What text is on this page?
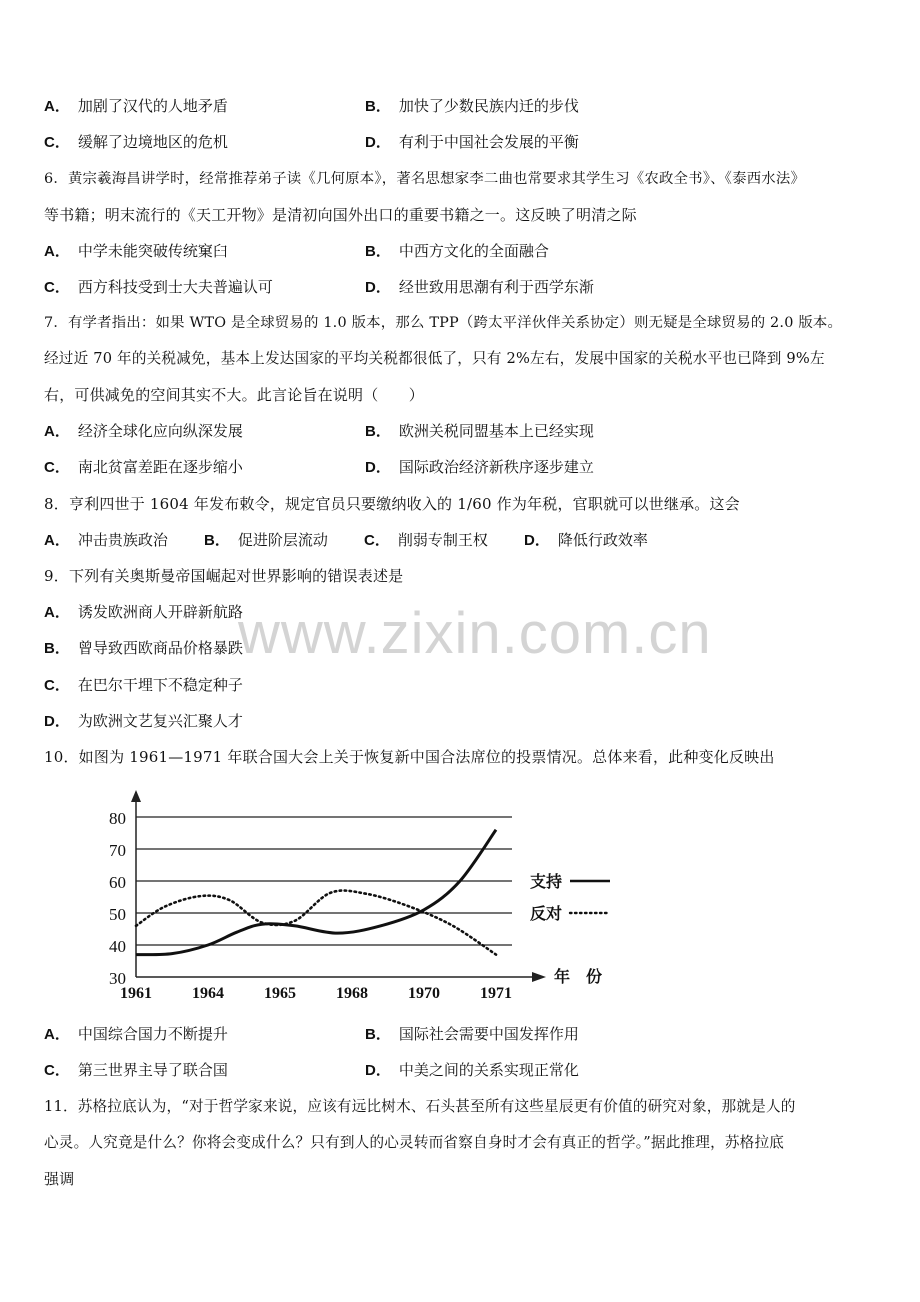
A． 加剧了汉代的人地矛盾	B． 加快了少数民族内迁的步伐
C． 缓解了边境地区的危机	D． 有利于中国社会发展的平衡
6．黄宗羲海昌讲学时，经常推荐弟子读《几何原本》，著名思想家李二曲也常要求其学生习《农政全书》、《泰西水法》
等书籍；明末流行的《天工开物》是清初向国外出口的重要书籍之一。这反映了明清之际
A． 中学未能突破传统窠臼	B． 中西方文化的全面融合
C． 西方科技受到士大夫普遍认可	D． 经世致用思潮有利于西学东渐
7．有学者指出：如果 WTO 是全球贸易的 1.0 版本，那么 TPP（跨太平洋伙伴关系协定）则无疑是全球贸易的 2.0 版本。
经过近 70 年的关税减免，基本上发达国家的平均关税都很低了，只有 2%左右，发展中国家的关税水平也已降到 9%左
右，可供减免的空间其实不大。此言论旨在说明（　　）
A． 经济全球化应向纵深发展	B． 欧洲关税同盟基本上已经实现
C． 南北贫富差距在逐步缩小	D． 国际政治经济新秩序逐步建立
8．亨利四世于 1604 年发布敕令，规定官员只要缴纳收入的 1/60 作为年税，官职就可以世继承。这会
A． 冲击贵族政治 B． 促进阶层流动 C． 削弱专制王权 D． 降低行政效率
9．下列有关奥斯曼帝国崛起对世界影响的错误表述是
A． 诱发欧洲商人开辟新航路
B． 曾导致西欧商品价格暴跌
C． 在巴尔干埋下不稳定种子
D． 为欧洲文艺复兴汇聚人才
www.zixin.com.cn
10．如图为 1961—1971 年联合国大会上关于恢复新中国合法席位的投票情况。总体来看，此种变化反映出
30
40
50
60
70
80
年　份
1961	1964	1965	1968	1970	1971
支持
反对
A． 中国综合国力不断提升	B． 国际社会需要中国发挥作用
C． 第三世界主导了联合国	D． 中美之间的关系实现正常化
11．苏格拉底认为，“对于哲学家来说，应该有远比树木、石头甚至所有这些星辰更有价值的研究对象，那就是人的
心灵。人究竟是什么？你将会变成什么？只有到人的心灵转而省察自身时才会有真正的哲学。”据此推理，苏格拉底
强调
